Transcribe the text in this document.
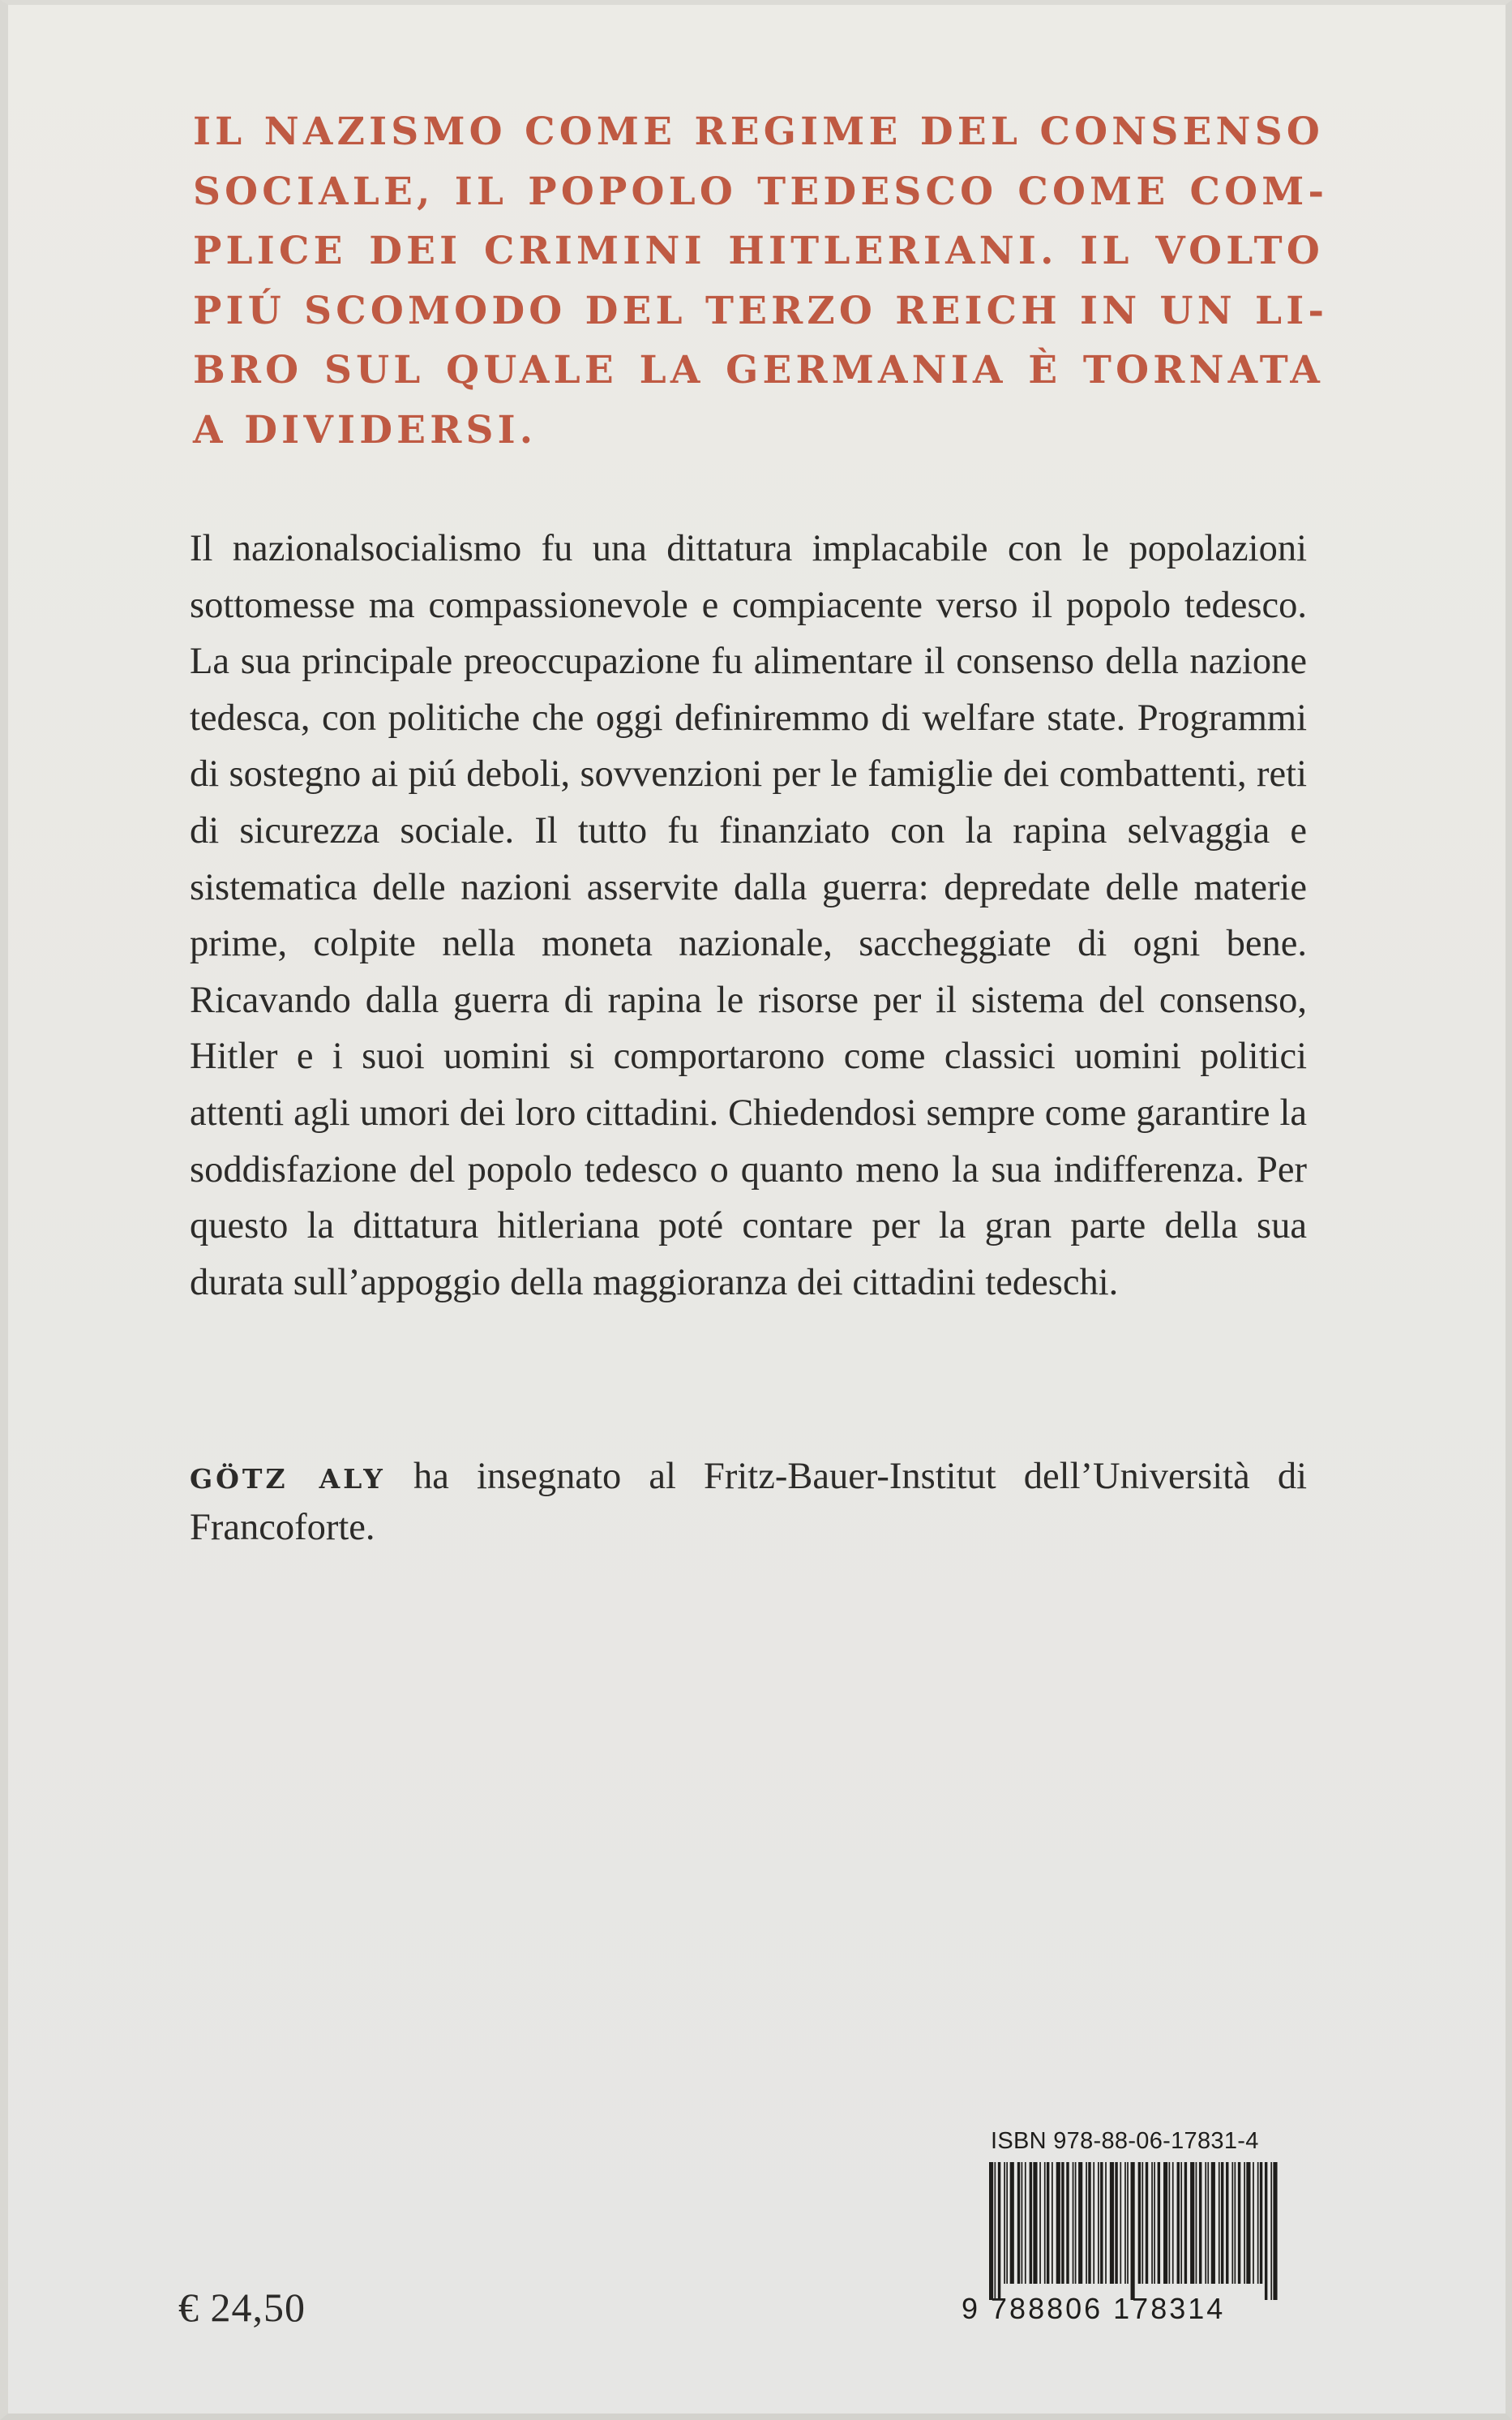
IL NAZISMO COME REGIME DEL CONSENSO SOCIALE, IL POPOLO TEDESCO COME COMPLICE DEI CRIMINI HITLERIANI. IL VOLTO PIÚ SCOMODO DEL TERZO REICH IN UN LIBRO SUL QUALE LA GERMANIA È TORNATA A DIVIDERSI.

Il nazionalsocialismo fu una dittatura implacabile con le popolazioni sottomesse ma compassionevole e compiacente verso il popolo tedesco. La sua principale preoccupazione fu alimentare il consenso della nazione tedesca, con politiche che oggi definiremmo di welfare state. Programmi di sostegno ai piú deboli, sovvenzioni per le famiglie dei combattenti, reti di sicurezza sociale. Il tutto fu finanziato con la rapina selvaggia e sistematica delle nazioni asservite dalla guerra: depredate delle materie prime, colpite nella moneta nazionale, saccheggiate di ogni bene. Ricavando dalla guerra di rapina le risorse per il sistema del consenso, Hitler e i suoi uomini si comportarono come classici uomini politici attenti agli umori dei loro cittadini. Chiedendosi sempre come garantire la soddisfazione del popolo tedesco o quanto meno la sua indifferenza. Per questo la dittatura hitleriana poté contare per la gran parte della sua durata sull’appoggio della maggioranza dei cittadini tedeschi.

GÖTZ ALY ha insegnato al Fritz-Bauer-Institut dell’Università di Francoforte.

€ 24,50
ISBN 978-88-06-17831-4
9 788806 178314
